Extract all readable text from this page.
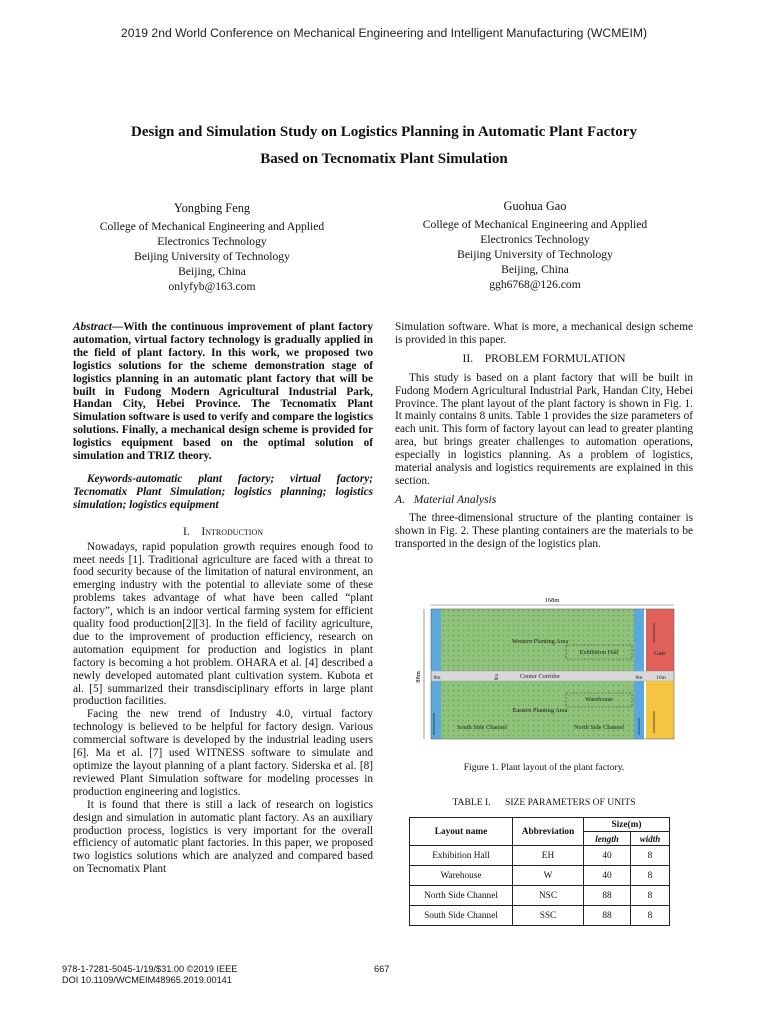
2019 2nd World Conference on Mechanical Engineering and Intelligent Manufacturing (WCMEIM)
Design and Simulation Study on Logistics Planning in Automatic Plant Factory
Based on Tecnomatix Plant Simulation
Yongbing Feng
College of Mechanical Engineering and Applied
Electronics Technology
Beijing University of Technology
Beijing, China
onlyfyb@163.com
Guohua Gao
College of Mechanical Engineering and Applied
Electronics Technology
Beijing University of Technology
Beijing, China
ggh6768@126.com

Abstract—With the continuous improvement of plant factory automation, virtual factory technology is gradually applied in the field of plant factory. In this work, we proposed two logistics solutions for the scheme demonstration stage of logistics planning in an automatic plant factory that will be built in Fudong Modern Agricultural Industrial Park, Handan City, Hebei Province. The Tecnomatix Plant Simulation software is used to verify and compare the logistics solutions. Finally, a mechanical design scheme is provided for logistics equipment based on the optimal solution of simulation and TRIZ theory.

Keywords-automatic plant factory; virtual factory; Tecnomatix Plant Simulation; logistics planning; logistics simulation; logistics equipment

I. Introduction

Nowadays, rapid population growth requires enough food to meet needs [1]. Traditional agriculture are faced with a threat to food security because of the limitation of natural environment, an emerging industry with the potential to alleviate some of these problems takes advantage of what have been called “plant factory”, which is an indoor vertical farming system for efficient quality food production[2][3]. In the field of facility agriculture, due to the improvement of production efficiency, research on automation equipment for production and logistics in plant factory is becoming a hot problem. OHARA et al. [4] described a newly developed automated plant cultivation system. Kubota et al. [5] summarized their transdisciplinary efforts in large plant production facilities.

Facing the new trend of Industry 4.0, virtual factory technology is believed to be helpful for factory design. Various commercial software is developed by the industrial leading users [6]. Ma et al. [7] used WITNESS software to simulate and optimize the layout planning of a plant factory. Siderska et al. [8] reviewed Plant Simulation software for modeling processes in production engineering and logistics.

It is found that there is still a lack of research on logistics design and simulation in automatic plant factory. As an auxiliary production process, logistics is very important for the overall efficiency of automatic plant factories. In this paper, we proposed two logistics solutions which are analyzed and compared based on Tecnomatix Plant

Simulation software. What is more, a mechanical design scheme is provided in this paper.

II. PROBLEM FORMULATION

This study is based on a plant factory that will be built in Fudong Modern Agricultural Industrial Park, Handan City, Hebei Province. The plant layout of the plant factory is shown in Fig. 1. It mainly contains 8 units. Table 1 provides the size parameters of each unit. This form of factory layout can lead to greater planting area, but brings greater challenges to automation operations, especially in logistics planning. As a problem of logistics, material analysis and logistics requirements are explained in this section.

A. Material Analysis

The three-dimensional structure of the planting container is shown in Fig. 2. These planting containers are the materials to be transported in the design of the logistics plan.

168m
88m
Western Planting Area
Exhibition Hall	Gate
Center Corridor
Warehouse
Eastern Planting Area
South Side Channel	North Side Channel
8m	8m	8m 16m
Figure 1. Plant layout of the plant factory.
TABLE I. SIZE PARAMETERS OF UNITS
Layout name	Abbreviation	Size(m)	
		length	width
Exhibition Hall	EH	40	8
Warehouse	W	40	8
North Side Channel	NSC	88	8
South Side Channel	SSC	88	8
978-1-7281-5045-1/19/$31.00 ©2019 IEEE
DOI 10.1109/WCMEIM48965.2019.00141
667
